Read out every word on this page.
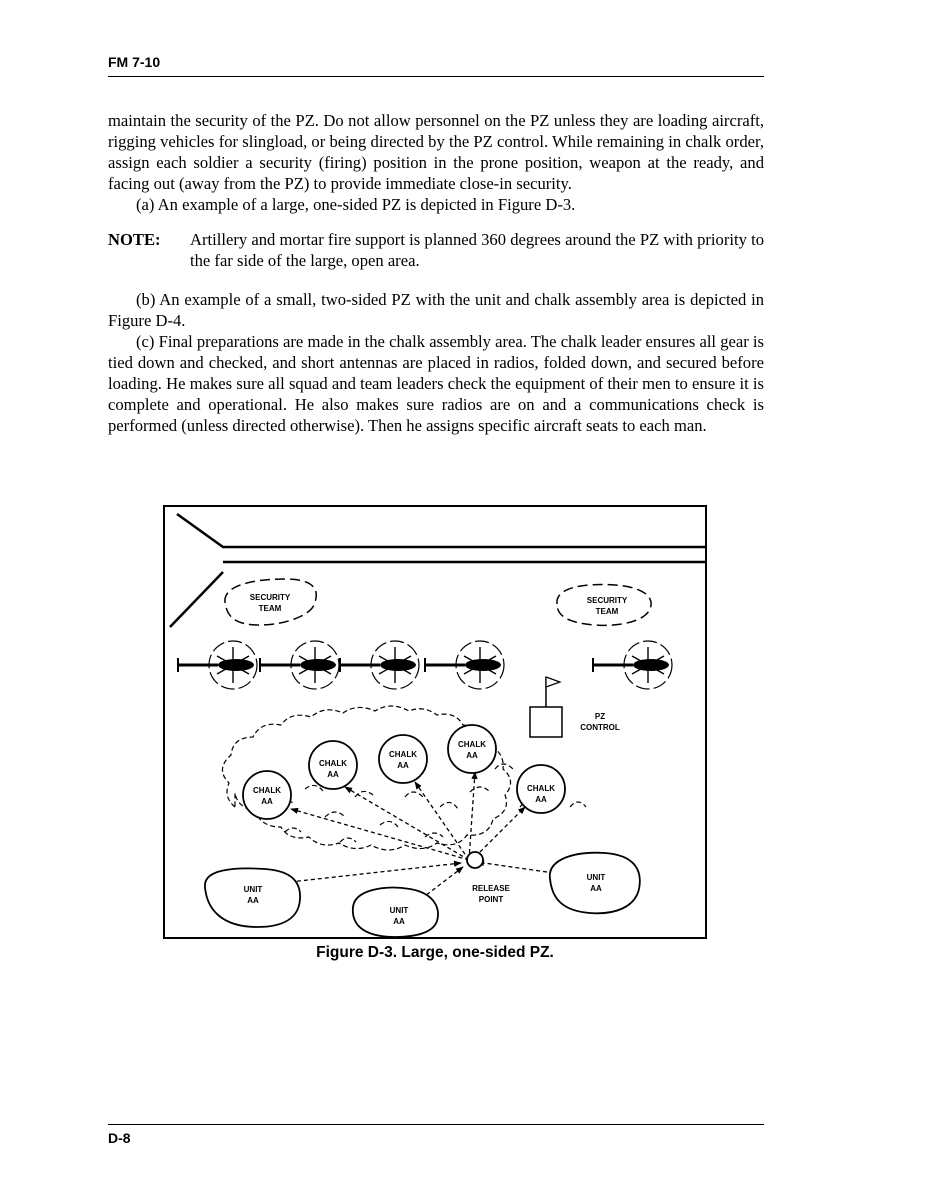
FM 7-10

maintain the security of the PZ. Do not allow personnel on the PZ unless they are loading aircraft, rigging vehicles for slingload, or being directed by the PZ control. While remaining in chalk order, assign each soldier a security (firing) position in the prone position, weapon at the ready, and facing out (away from the PZ) to provide immediate close-in security.

(a) An example of a large, one-sided PZ is depicted in Figure D-3.

NOTE:	Artillery and mortar fire support is planned 360 degrees around the PZ with priority to the far side of the large, open area.

(b) An example of a small, two-sided PZ with the unit and chalk assembly area is depicted in Figure D-4.

(c) Final preparations are made in the chalk assembly area. The chalk leader ensures all gear is tied down and checked, and short antennas are placed in radios, folded down, and secured before loading. He makes sure all squad and team leaders check the equipment of their men to ensure it is complete and operational. He also makes sure radios are on and a communications check is performed (unless directed otherwise). Then he assigns specific aircraft seats to each man.

SECURITY
TEAM
SECURITY
TEAM
PZ
CONTROL
CHALK
AA
CHALK
AA
CHALK
AA
CHALK
AA
CHALK
AA
RELEASE
POINT
UNIT
AA
UNIT
AA
UNIT
AA
Figure D-3. Large, one-sided PZ.
D-8
